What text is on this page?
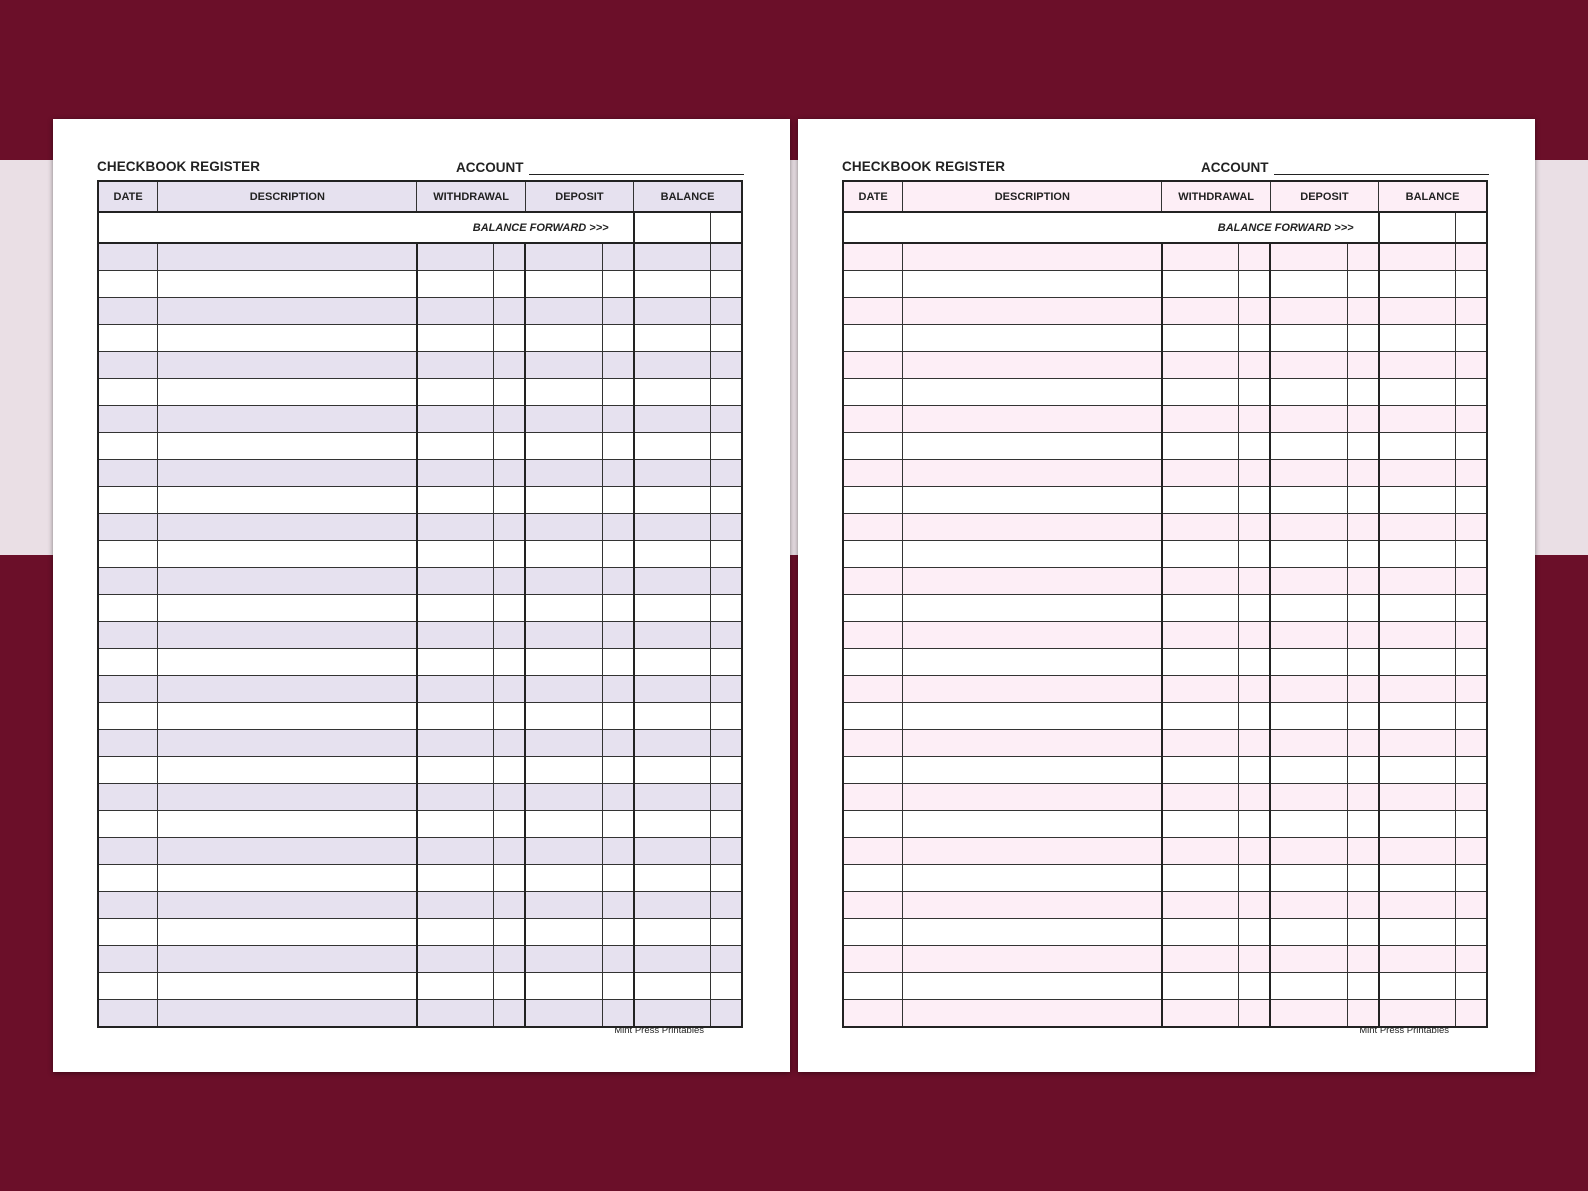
CHECKBOOK REGISTER	ACCOUNT
DATE	DESCRIPTION	WITHDRAWAL		DEPOSIT		BALANCE	
BALANCE FORWARD >>>							

Mint Press Printables
CHECKBOOK REGISTER	ACCOUNT
DATE	DESCRIPTION	WITHDRAWAL		DEPOSIT		BALANCE	
BALANCE FORWARD >>>							

Mint Press Printables
